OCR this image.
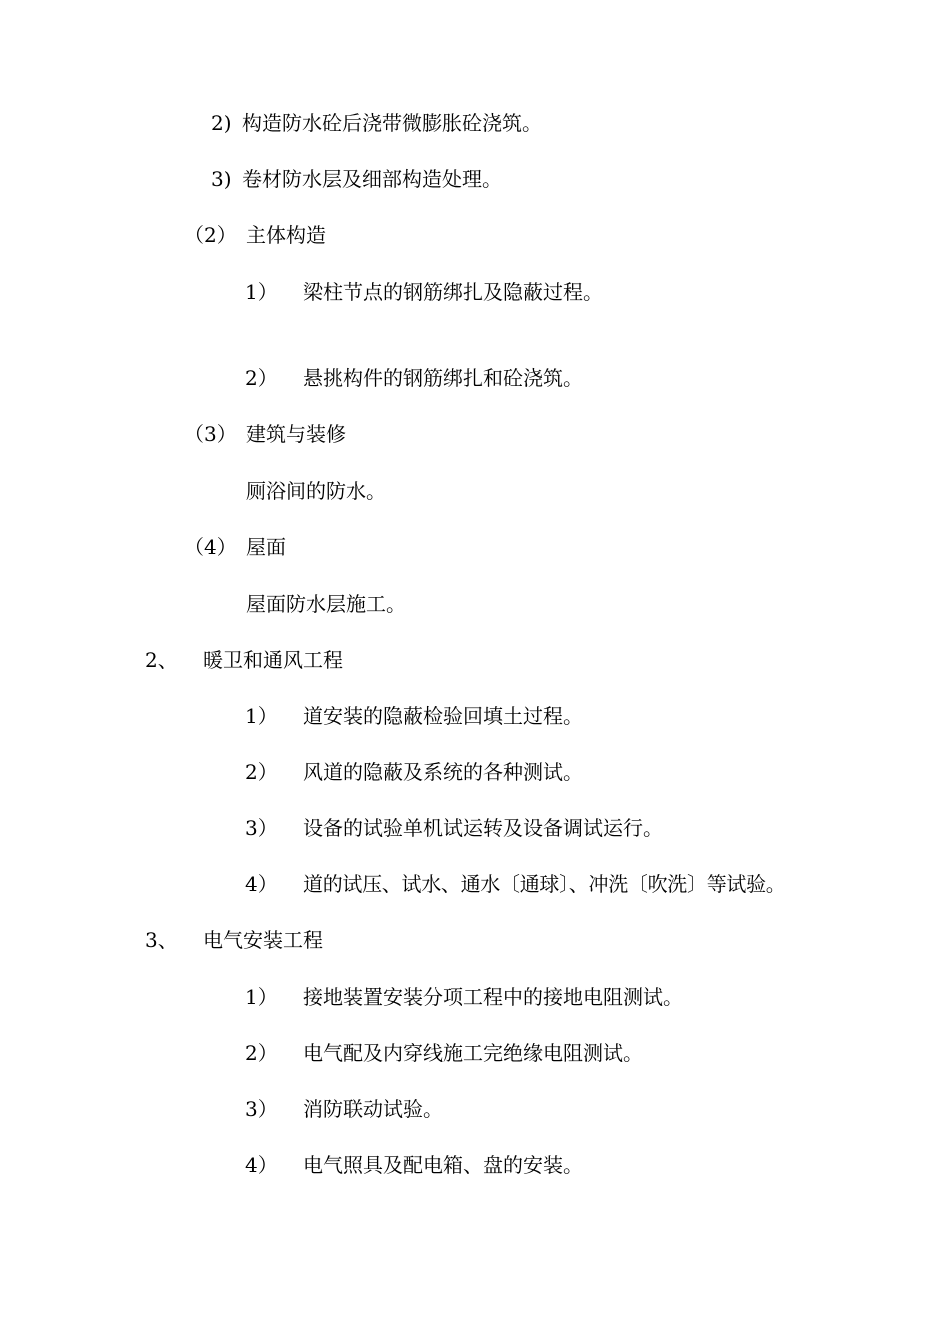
2) 构造防水砼后浇带微膨胀砼浇筑。
3) 卷材防水层及细部构造处理。
（2） 主体构造
1） 梁柱节点的钢筋绑扎及隐蔽过程。
2） 悬挑构件的钢筋绑扎和砼浇筑。
（3） 建筑与装修
厕浴间的防水。
（4） 屋面
屋面防水层施工。
2、 暖卫和通风工程
1） 道安装的隐蔽检验回填土过程。
2） 风道的隐蔽及系统的各种测试。
3） 设备的试验单机试运转及设备调试运行。
4） 道的试压、试水、通水〔通球〕、冲洗〔吹洗〕等试验。
3、 电气安装工程
1） 接地装置安装分项工程中的接地电阻测试。
2） 电气配及内穿线施工完绝缘电阻测试。
3） 消防联动试验。
4） 电气照具及配电箱、盘的安装。
